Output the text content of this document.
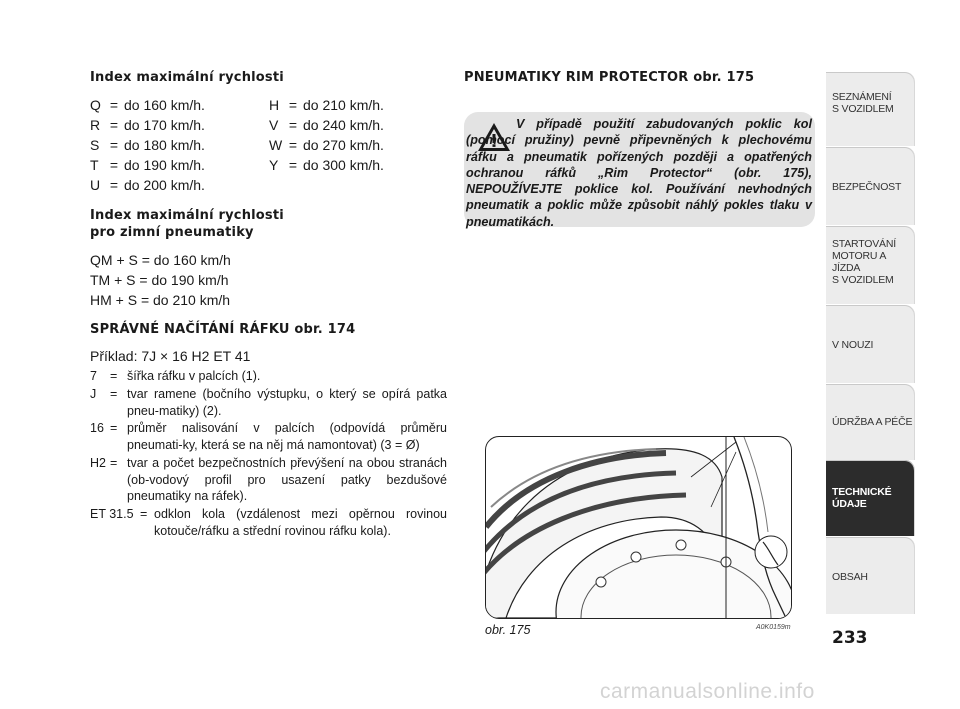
Index maximální rychlosti
Q = do 160 km/h.
R = do 170 km/h.
S = do 180 km/h.
T = do 190 km/h.
U = do 200 km/h.
H = do 210 km/h.
V = do 240 km/h.
W = do 270 km/h.
Y = do 300 km/h.
Index maximální rychlosti
pro zimní pneumatiky
QM + S = do 160 km/h
TM + S = do 190 km/h
HM + S = do 210 km/h
SPRÁVNÉ NAČÍTÁNÍ RÁFKU obr. 174
Příklad: 7J × 16 H2 ET 41
7 = šířka ráfku v palcích (1).
J = tvar ramene (bočního výstupku, o který se opírá patka pneu-matiky) (2).
16 = průměr nalisování v palcích (odpovídá průměru pneumati-ky, která se na něj má namontovat) (3 = Ø)
H2 = tvar a počet bezpečnostních převýšení na obou stranách (ob-vodový profil pro usazení patky bezdušové pneumatiky na ráfek).
ET 31.5 = odklon kola (vzdálenost mezi opěrnou rovinou kotouče/ráfku a střední rovinou ráfku kola).
PNEUMATIKY RIM PROTECTOR obr. 175
V případě použití zabudovaných poklic kol (pomocí pružiny) pevně připevněných k plechovému ráfku a pneumatik pořízených později a opatřených ochranou ráfků „Rim Protector“ (obr. 175), NEPOUŽÍVEJTE poklice kol. Používání nevhodných pneumatik a poklic může způsobit náhlý pokles tlaku v pneumatikách.
obr. 175	A0K0159m
SEZNÁMENÍ
S VOZIDLEM
BEZPEČNOST
STARTOVÁNÍ
MOTORU A JÍZDA
S VOZIDLEM
V NOUZI
ÚDRŽBA A PÉČE
TECHNICKÉ
ÚDAJE
OBSAH
233
carmanualsonline.info
